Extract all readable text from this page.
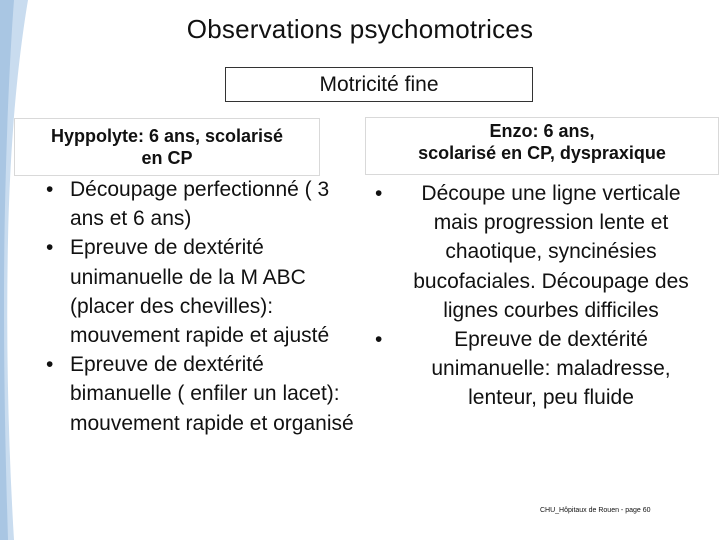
Observations psychomotrices
Motricité fine
Hyppolyte: 6 ans, scolarisé
en CP
Enzo: 6 ans,
scolarisé en CP, dyspraxique
• Découpage perfectionné ( 3 ans et 6 ans)
• Epreuve de dextérité unimanuelle de la M ABC (placer des chevilles): mouvement rapide et ajusté
• Epreuve de dextérité bimanuelle ( enfiler un lacet): mouvement rapide et organisé
•	Découpe une ligne verticale mais progression lente et chaotique, syncinésies bucofaciales. Découpage des lignes courbes difficiles
•	Epreuve de dextérité unimanuelle: maladresse, lenteur, peu fluide
CHU_Hôpitaux de Rouen - page 60
